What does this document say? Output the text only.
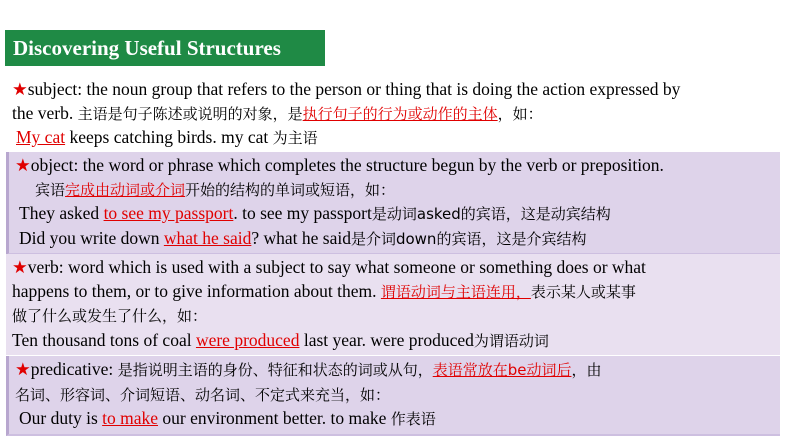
Discovering Useful Structures
★subject: the noun group that refers to the person or thing that is doing the action expressed by
the verb. 主语是句子陈述或说明的对象，是执行句子的行为或动作的主体，如：
My cat keeps catching birds. my cat 为主语
★object: the word or phrase which completes the structure begun by the verb or preposition.
宾语完成由动词或介词开始的结构的单词或短语，如：
They asked to see my passport. to see my passport是动词asked的宾语，这是动宾结构
Did you write down what he said? what he said是介词down的宾语，这是介宾结构
★verb: word which is used with a subject to say what someone or something does or what
happens to them, or to give information about them. 谓语动词与主语连用，表示某人或某事
做了什么或发生了什么，如：
Ten thousand tons of coal were produced last year. were produced为谓语动词
★predicative: 是指说明主语的身份、特征和状态的词或从句，表语常放在be动词后，由
名词、形容词、介词短语、动名词、不定式来充当，如：
Our duty is to make our environment better. to make 作表语
